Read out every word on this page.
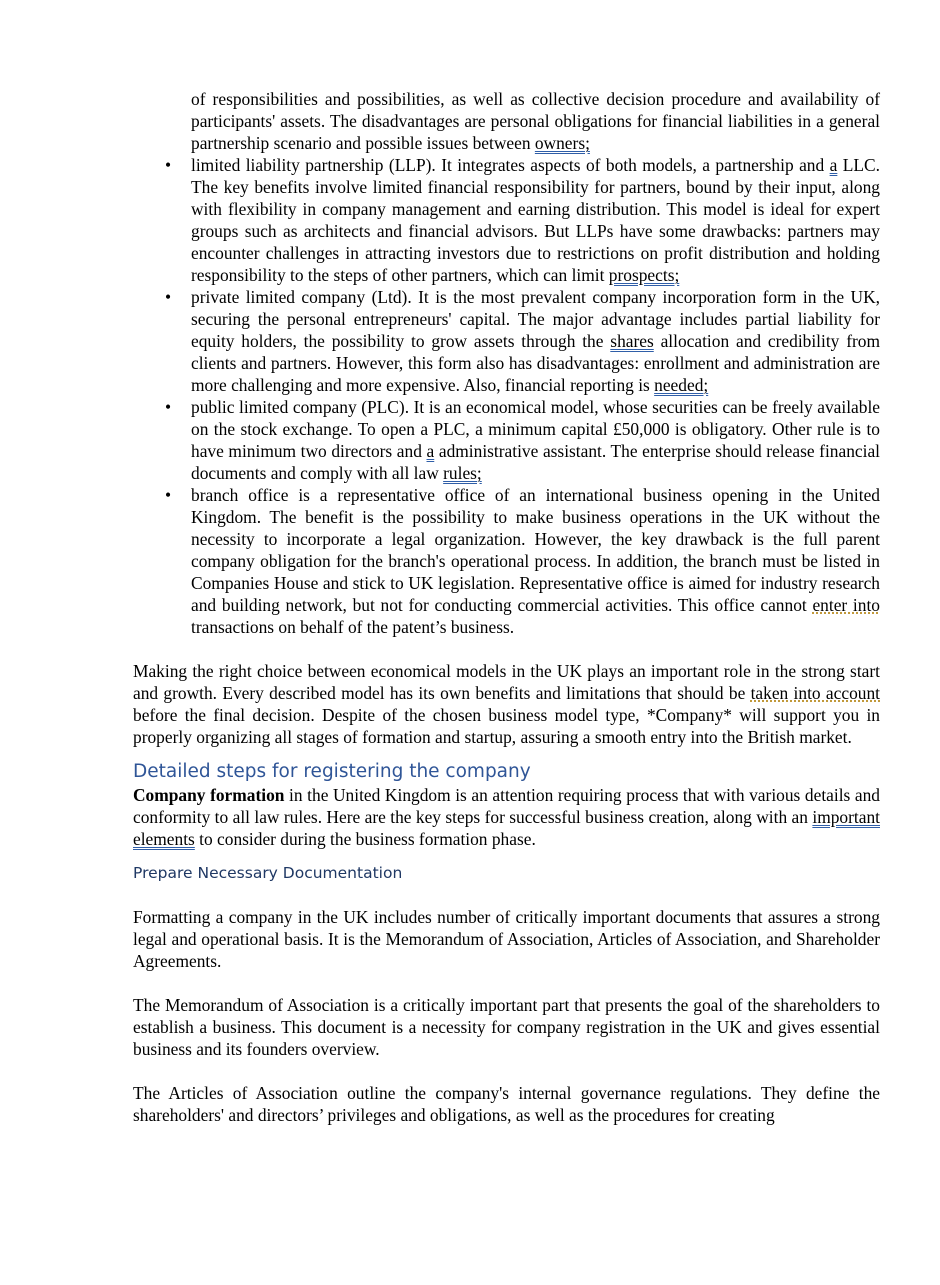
of responsibilities and possibilities, as well as collective decision procedure and availability of participants' assets. The disadvantages are personal obligations for financial liabilities in a general partnership scenario and possible issues between owners;
• limited liability partnership (LLP). It integrates aspects of both models, a partnership and a LLC. The key benefits involve limited financial responsibility for partners, bound by their input, along with flexibility in company management and earning distribution. This model is ideal for expert groups such as architects and financial advisors. But LLPs have some drawbacks: partners may encounter challenges in attracting investors due to restrictions on profit distribution and holding responsibility to the steps of other partners, which can limit prospects;
• private limited company (Ltd). It is the most prevalent company incorporation form in the UK, securing the personal entrepreneurs' capital. The major advantage includes partial liability for equity holders, the possibility to grow assets through the shares allocation and credibility from clients and partners. However, this form also has disadvantages: enrollment and administration are more challenging and more expensive. Also, financial reporting is needed;
• public limited company (PLC). It is an economical model, whose securities can be freely available on the stock exchange. To open a PLC, a minimum capital £50,000 is obligatory. Other rule is to have minimum two directors and a administrative assistant. The enterprise should release financial documents and comply with all law rules;
• branch office is a representative office of an international business opening in the United Kingdom. The benefit is the possibility to make business operations in the UK without the necessity to incorporate a legal organization. However, the key drawback is the full parent company obligation for the branch's operational process. In addition, the branch must be listed in Companies House and stick to UK legislation. Representative office is aimed for industry research and building network, but not for conducting commercial activities. This office cannot enter into transactions on behalf of the patent’s business.

Making the right choice between economical models in the UK plays an important role in the strong start and growth. Every described model has its own benefits and limitations that should be taken into account before the final decision. Despite of the chosen business model type, *Company* will support you in properly organizing all stages of formation and startup, assuring a smooth entry into the British market.

Detailed steps for registering the company

Company formation in the United Kingdom is an attention requiring process that with various details and conformity to all law rules. Here are the key steps for successful business creation, along with an important elements to consider during the business formation phase.

Prepare Necessary Documentation

Formatting a company in the UK includes number of critically important documents that assures a strong legal and operational basis. It is the Memorandum of Association, Articles of Association, and Shareholder Agreements.

The Memorandum of Association is a critically important part that presents the goal of the shareholders to establish a business. This document is a necessity for company registration in the UK and gives essential business and its founders overview.

The Articles of Association outline the company's internal governance regulations. They define the shareholders' and directors’ privileges and obligations, as well as the procedures for creating
